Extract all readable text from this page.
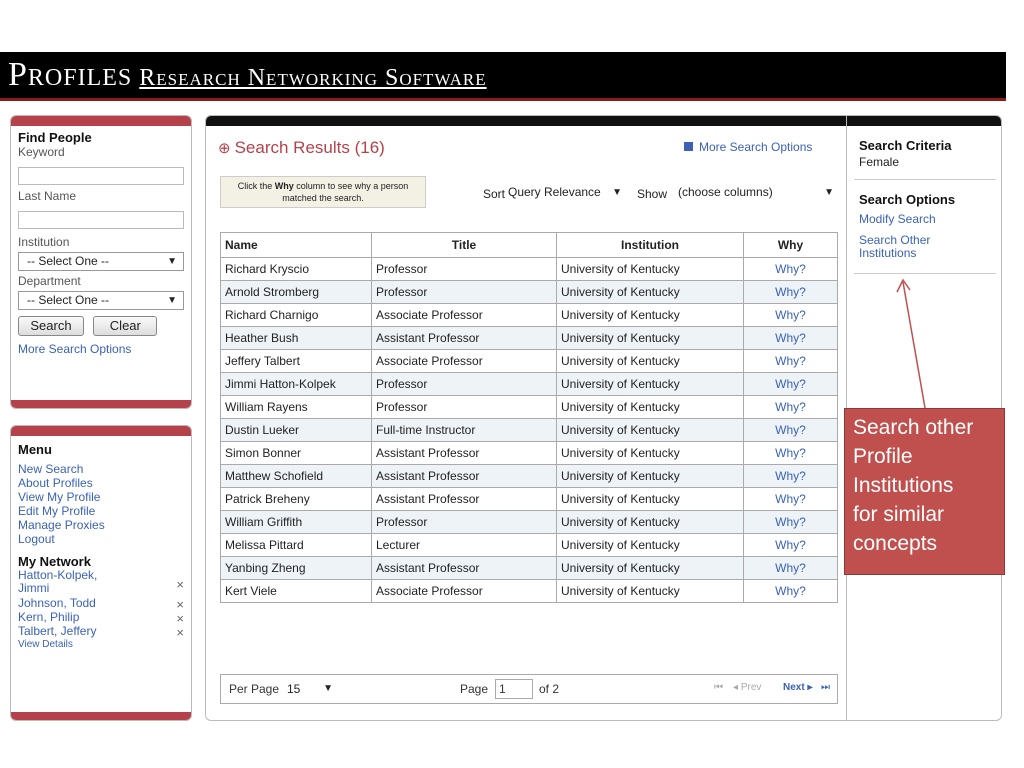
Profiles Research Networking Software
Find People
Keyword
Last Name
Institution
-- Select One --	▼
Department
-- Select One --	▼
Search	Clear
More Search Options
Menu
New Search
About Profiles
View My Profile
Edit My Profile
Manage Proxies
Logout
My Network
Hatton-Kolpek,
Jimmi	×
Johnson, Todd	×
Kern, Philip	×
Talbert, Jeffery	×
View Details
⊕ Search Results (16)	More Search Options
Click the Why column to see why a person matched the search.	Sort Query Relevance ▼ Show (choose columns)	▼
Name	Title	Institution	Why
Richard Kryscio	Professor	University of Kentucky	Why?
Arnold Stromberg	Professor	University of Kentucky	Why?
Richard Charnigo	Associate Professor	University of Kentucky	Why?
Heather Bush	Assistant Professor	University of Kentucky	Why?
Jeffery Talbert	Associate Professor	University of Kentucky	Why?
Jimmi Hatton-Kolpek	Professor	University of Kentucky	Why?
William Rayens	Professor	University of Kentucky	Why?
Dustin Lueker	Full-time Instructor	University of Kentucky	Why?
Simon Bonner	Assistant Professor	University of Kentucky	Why?
Matthew Schofield	Assistant Professor	University of Kentucky	Why?
Patrick Breheny	Assistant Professor	University of Kentucky	Why?
William Griffith	Professor	University of Kentucky	Why?
Melissa Pittard	Lecturer	University of Kentucky	Why?
Yanbing Zheng	Assistant Professor	University of Kentucky	Why?
Kert Viele	Associate Professor	University of Kentucky	Why?
Per Page 15 ▼	Page 1	of 2	⏮ ◂ Prev Next ▸ ⏭
Search Criteria
Female
Search Options
Modify Search
Search Other Institutions
Search other
Profile
Institutions
for similar
concepts
